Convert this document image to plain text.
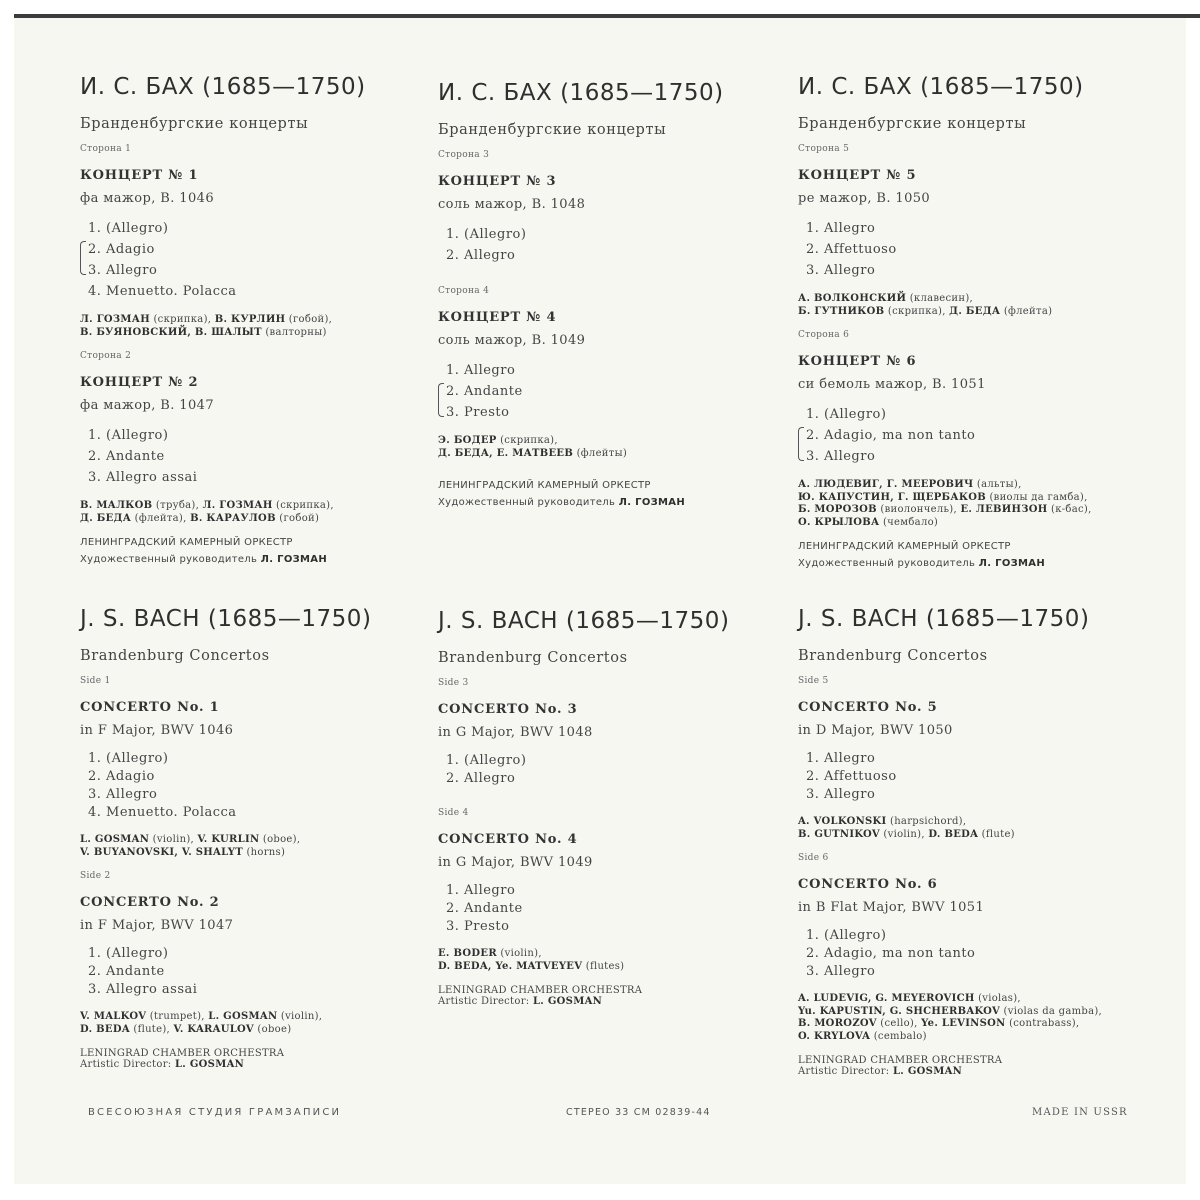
И. С. БАХ (1685—1750)
Бранденбургские концерты
Сторона 1
КОНЦЕРТ № 1
фа мажор, B. 1046
1. (Allegro)
2. Adagio
3. Allegro
4. Menuetto. Polacca
Л. ГОЗМАН (скрипка), В. КУРЛИН (гобой),
В. БУЯНОВСКИЙ, В. ШАЛЫТ (валторны)
Сторона 2
КОНЦЕРТ № 2
фа мажор, B. 1047
1. (Allegro)
2. Andante
3. Allegro assai
В. МАЛКОВ (труба), Л. ГОЗМАН (скрипка),
Д. БЕДА (флейта), В. КАРАУЛОВ (гобой)
ЛЕНИНГРАДСКИЙ КАМЕРНЫЙ ОРКЕСТР
Художественный руководитель Л. ГОЗМАН
И. С. БАХ (1685—1750)
Бранденбургские концерты
Сторона 3
КОНЦЕРТ № 3
соль мажор, B. 1048
1. (Allegro)
2. Allegro
Сторона 4
КОНЦЕРТ № 4
соль мажор, B. 1049
1. Allegro
2. Andante
3. Presto
Э. БОДЕР (скрипка),
Д. БЕДА, Е. МАТВЕЕВ (флейты)
ЛЕНИНГРАДСКИЙ КАМЕРНЫЙ ОРКЕСТР
Художественный руководитель Л. ГОЗМАН
И. С. БАХ (1685—1750)
Бранденбургские концерты
Сторона 5
КОНЦЕРТ № 5
ре мажор, B. 1050
1. Allegro
2. Affettuoso
3. Allegro
А. ВОЛКОНСКИЙ (клавесин),
Б. ГУТНИКОВ (скрипка), Д. БЕДА (флейта)
Сторона 6
КОНЦЕРТ № 6
си бемоль мажор, B. 1051
1. (Allegro)
2. Adagio, ma non tanto
3. Allegro
А. ЛЮДЕВИГ, Г. МЕЕРОВИЧ (альты),
Ю. КАПУСТИН, Г. ЩЕРБАКОВ (виолы да гамба),
Б. МОРОЗОВ (виолончель), Е. ЛЕВИНЗОН (к-бас),
О. КРЫЛОВА (чембало)
ЛЕНИНГРАДСКИЙ КАМЕРНЫЙ ОРКЕСТР
Художественный руководитель Л. ГОЗМАН
J. S. BACH (1685—1750)
Brandenburg Concertos
Side 1
CONCERTO No. 1
in F Major, BWV 1046
1. (Allegro)
2. Adagio
3. Allegro
4. Menuetto. Polacca
L. GOSMAN (violin), V. KURLIN (oboe),
V. BUYANOVSKI, V. SHALYT (horns)
Side 2
CONCERTO No. 2
in F Major, BWV 1047
1. (Allegro)
2. Andante
3. Allegro assai
V. MALKOV (trumpet), L. GOSMAN (violin),
D. BEDA (flute), V. KARAULOV (oboe)
LENINGRAD CHAMBER ORCHESTRA
Artistic Director: L. GOSMAN
J. S. BACH (1685—1750)
Brandenburg Concertos
Side 3
CONCERTO No. 3
in G Major, BWV 1048
1. (Allegro)
2. Allegro
Side 4
CONCERTO No. 4
in G Major, BWV 1049
1. Allegro
2. Andante
3. Presto
E. BODER (violin),
D. BEDA, Ye. MATVEYEV (flutes)
LENINGRAD CHAMBER ORCHESTRA
Artistic Director: L. GOSMAN
J. S. BACH (1685—1750)
Brandenburg Concertos
Side 5
CONCERTO No. 5
in D Major, BWV 1050
1. Allegro
2. Affettuoso
3. Allegro
A. VOLKONSKI (harpsichord),
B. GUTNIKOV (violin), D. BEDA (flute)
Side 6
CONCERTO No. 6
in B Flat Major, BWV 1051
1. (Allegro)
2. Adagio, ma non tanto
3. Allegro
A. LUDEVIG, G. MEYEROVICH (violas),
Yu. KAPUSTIN, G. SHCHERBAKOV (violas da gamba),
B. MOROZOV (cello), Ye. LEVINSON (contrabass),
O. KRYLOVA (cembalo)
LENINGRAD CHAMBER ORCHESTRA
Artistic Director: L. GOSMAN
ВСЕСОЮЗНАЯ СТУДИЯ ГРАМЗАПИСИ	СТЕРЕО 33 СМ 02839-44	MADE IN USSR
